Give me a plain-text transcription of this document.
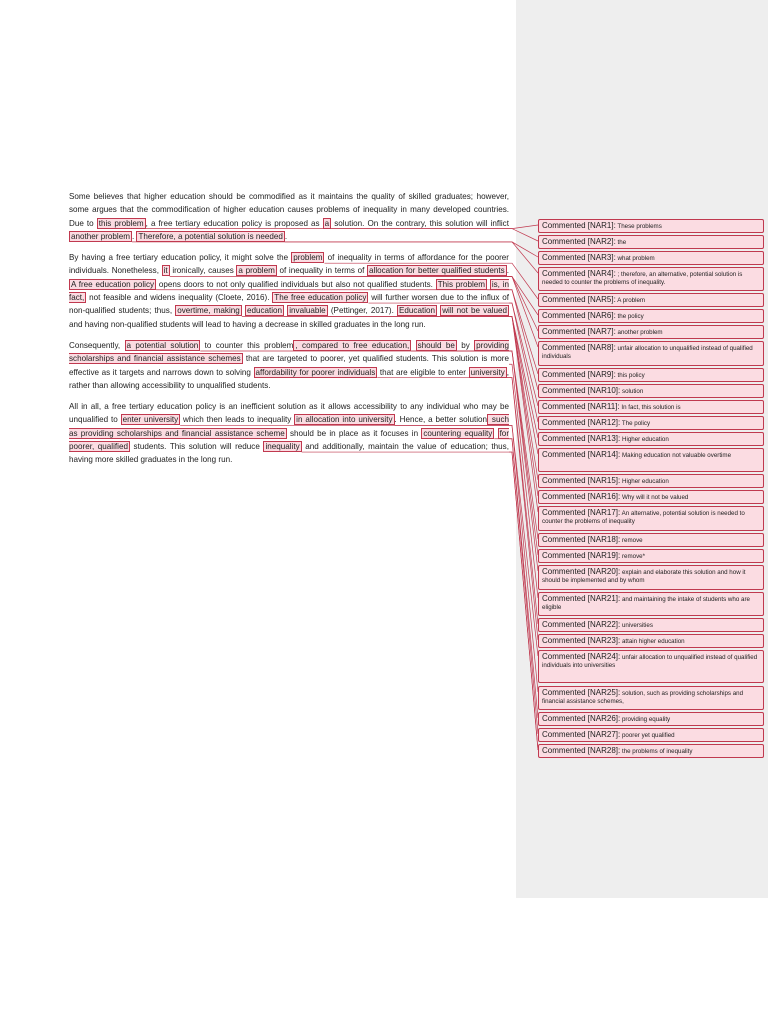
Some believes that higher education should be commodified as it maintains the quality of skilled graduates; however, some argues that the commodification of higher education causes problems of inequality in many developed countries. Due to this problem , a free tertiary education policy is proposed as a solution. On the contrary, this solution will inflict another problem . Therefore, a potential solution is needed .

By having a free tertiary education policy, it might solve the problem of inequality in terms of affordance for the poorer individuals. Nonetheless, it ironically, causes a problem of inequality in terms of allocation for better qualified students . A free education policy opens doors to not only qualified individuals but also not qualified students. This problem is, in fact, not feasible and widens inequality (Cloete, 2016). The free education policy will further worsen due to the influx of non-qualified students; thus, overtime, making education invaluable (Pettinger, 2017). Education will not be valued and having non-qualified students will lead to having a decrease in skilled graduates in the long run.

Consequently, a potential solution to counter this problem , compared to free education, should be by providing scholarships and financial assistance schemes that are targeted to poorer, yet qualified students. This solution is more effective as it targets and narrows down to solving affordability for poorer individuals that are eligible to enter university , rather than allowing accessibility to unqualified students.

All in all, a free tertiary education policy is an inefficient solution as it allows accessibility to any individual who may be unqualified to enter university which then leads to inequality in allocation into university . Hence, a better solution such as providing scholarships and financial assistance scheme should be in place as it focuses in countering equality for poorer, qualified students. This solution will reduce inequality and additionally, maintain the value of education; thus, having more skilled graduates in the long run.

Commented [NAR1]: These problems
Commented [NAR2]: the
Commented [NAR3]: what problem
Commented [NAR4]: ; therefore, an alternative, potential solution is needed to counter the problems of inequality.
Commented [NAR5]: A problem
Commented [NAR6]: the policy
Commented [NAR7]: another problem
Commented [NAR8]: unfair allocation to unqualified instead of qualified individuals
Commented [NAR9]: this policy
Commented [NAR10]: solution
Commented [NAR11]: In fact, this solution is
Commented [NAR12]: The policy
Commented [NAR13]: Higher education
Commented [NAR14]: Making education not valuable overtime
Commented [NAR15]: Higher education
Commented [NAR16]: Why will it not be valued
Commented [NAR17]: An alternative, potential solution is needed to counter the problems of inequality
Commented [NAR18]: remove
Commented [NAR19]: remove*
Commented [NAR20]: explain and elaborate this solution and how it should be implemented and by whom
Commented [NAR21]: and maintaining the intake of students who are eligible
Commented [NAR22]: universities
Commented [NAR23]: attain higher education
Commented [NAR24]: unfair allocation to unqualified instead of qualified individuals into universities
Commented [NAR25]: solution, such as providing scholarships and financial assistance schemes,
Commented [NAR26]: providing equality
Commented [NAR27]: poorer yet qualified
Commented [NAR28]: the problems of inequality
